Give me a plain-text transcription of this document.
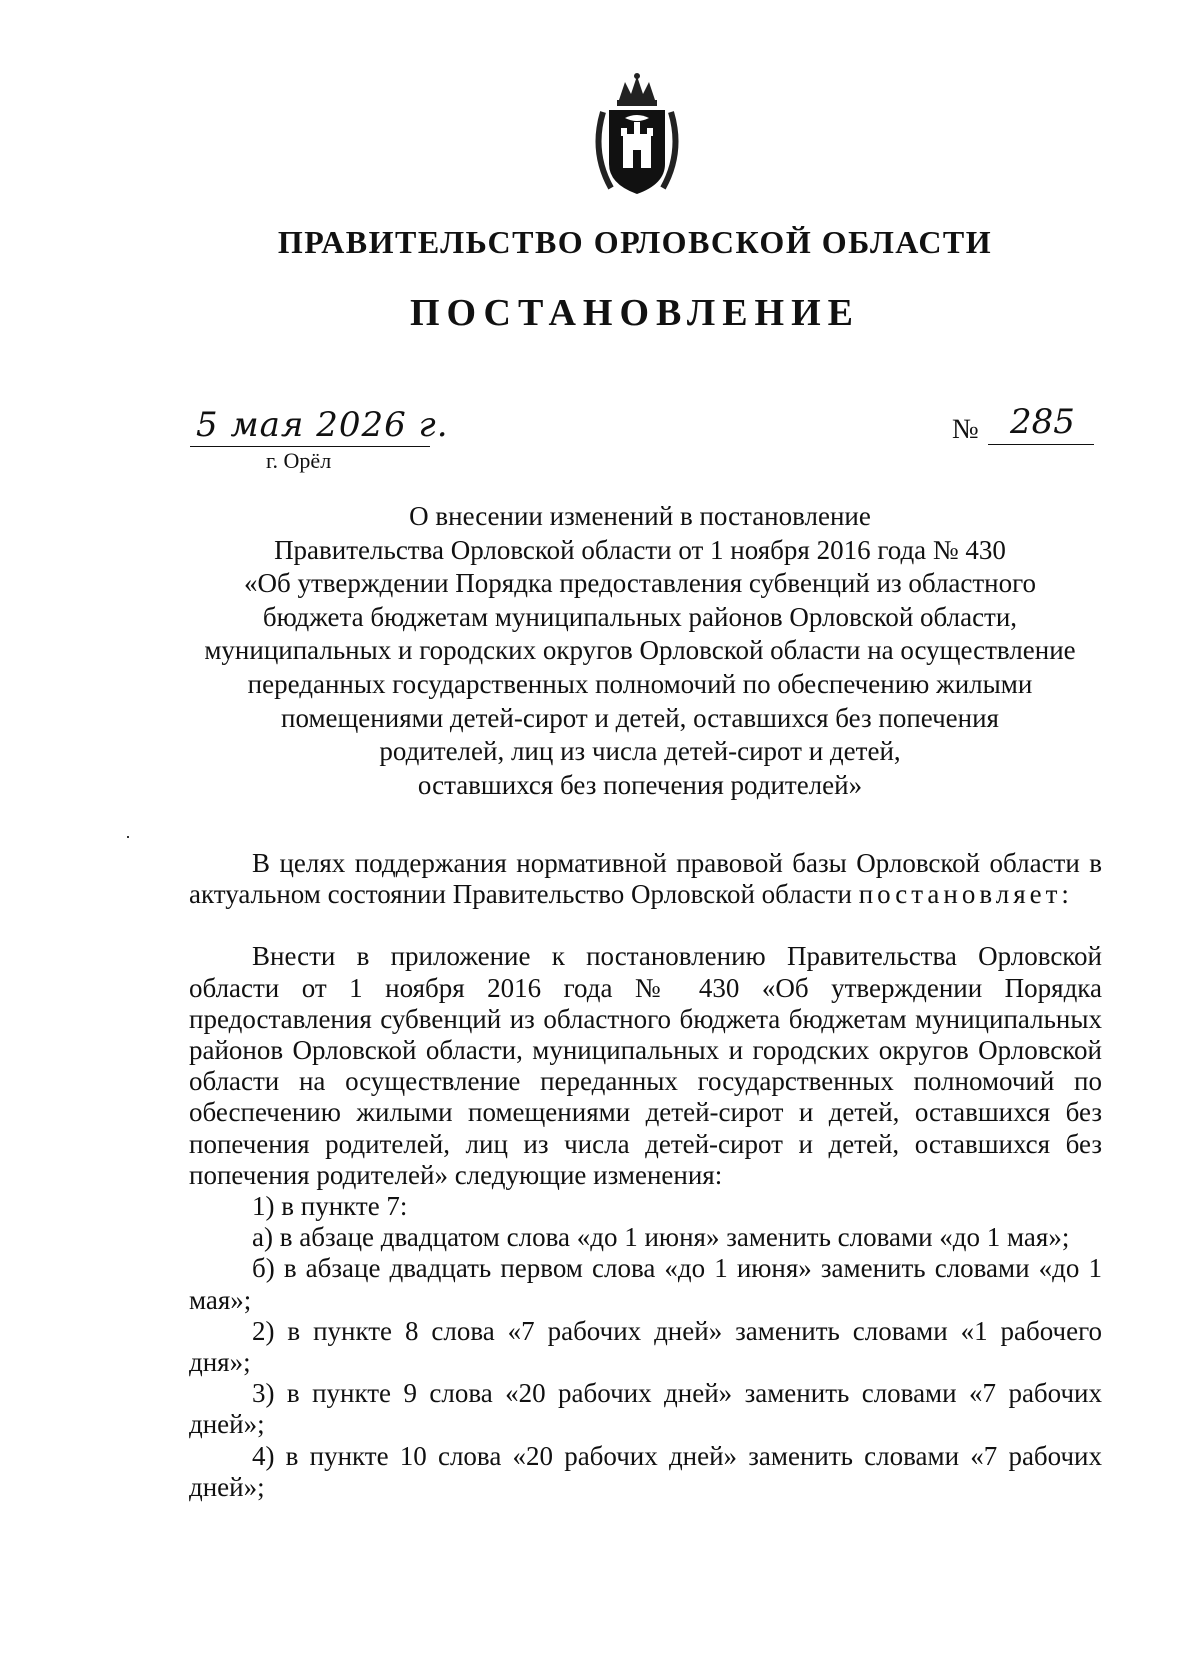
ПРАВИТЕЛЬСТВО ОРЛОВСКОЙ ОБЛАСТИ
ПОСТАНОВЛЕНИЕ
5 мая 2026 г.
г. Орёл
№ 285
О внесении изменений в постановление
Правительства Орловской области от 1 ноября 2016 года № 430
«Об утверждении Порядка предоставления субвенций из областного
бюджета бюджетам муниципальных районов Орловской области,
муниципальных и городских округов Орловской области на осуществление
переданных государственных полномочий по обеспечению жилыми
помещениями детей-сирот и детей, оставшихся без попечения
родителей, лиц из числа детей-сирот и детей,
оставшихся без попечения родителей»

В целях поддержания нормативной правовой базы Орловской области в актуальном состоянии Правительство Орловской области постановляет:

Внести в приложение к постановлению Правительства Орловской области от 1 ноября 2016 года № 430 «Об утверждении Порядка предоставления субвенций из областного бюджета бюджетам муниципальных районов Орловской области, муниципальных и городских округов Орловской области на осуществление переданных государственных полномочий по обеспечению жилыми помещениями детей-сирот и детей, оставшихся без попечения родителей, лиц из числа детей-сирот и детей, оставшихся без попечения родителей» следующие изменения:

1) в пункте 7:

а) в абзаце двадцатом слова «до 1 июня» заменить словами «до 1 мая»;

б) в абзаце двадцать первом слова «до 1 июня» заменить словами «до 1 мая»;

2) в пункте 8 слова «7 рабочих дней» заменить словами «1 рабочего дня»;

3) в пункте 9 слова «20 рабочих дней» заменить словами «7 рабочих дней»;

4) в пункте 10 слова «20 рабочих дней» заменить словами «7 рабочих дней»;
